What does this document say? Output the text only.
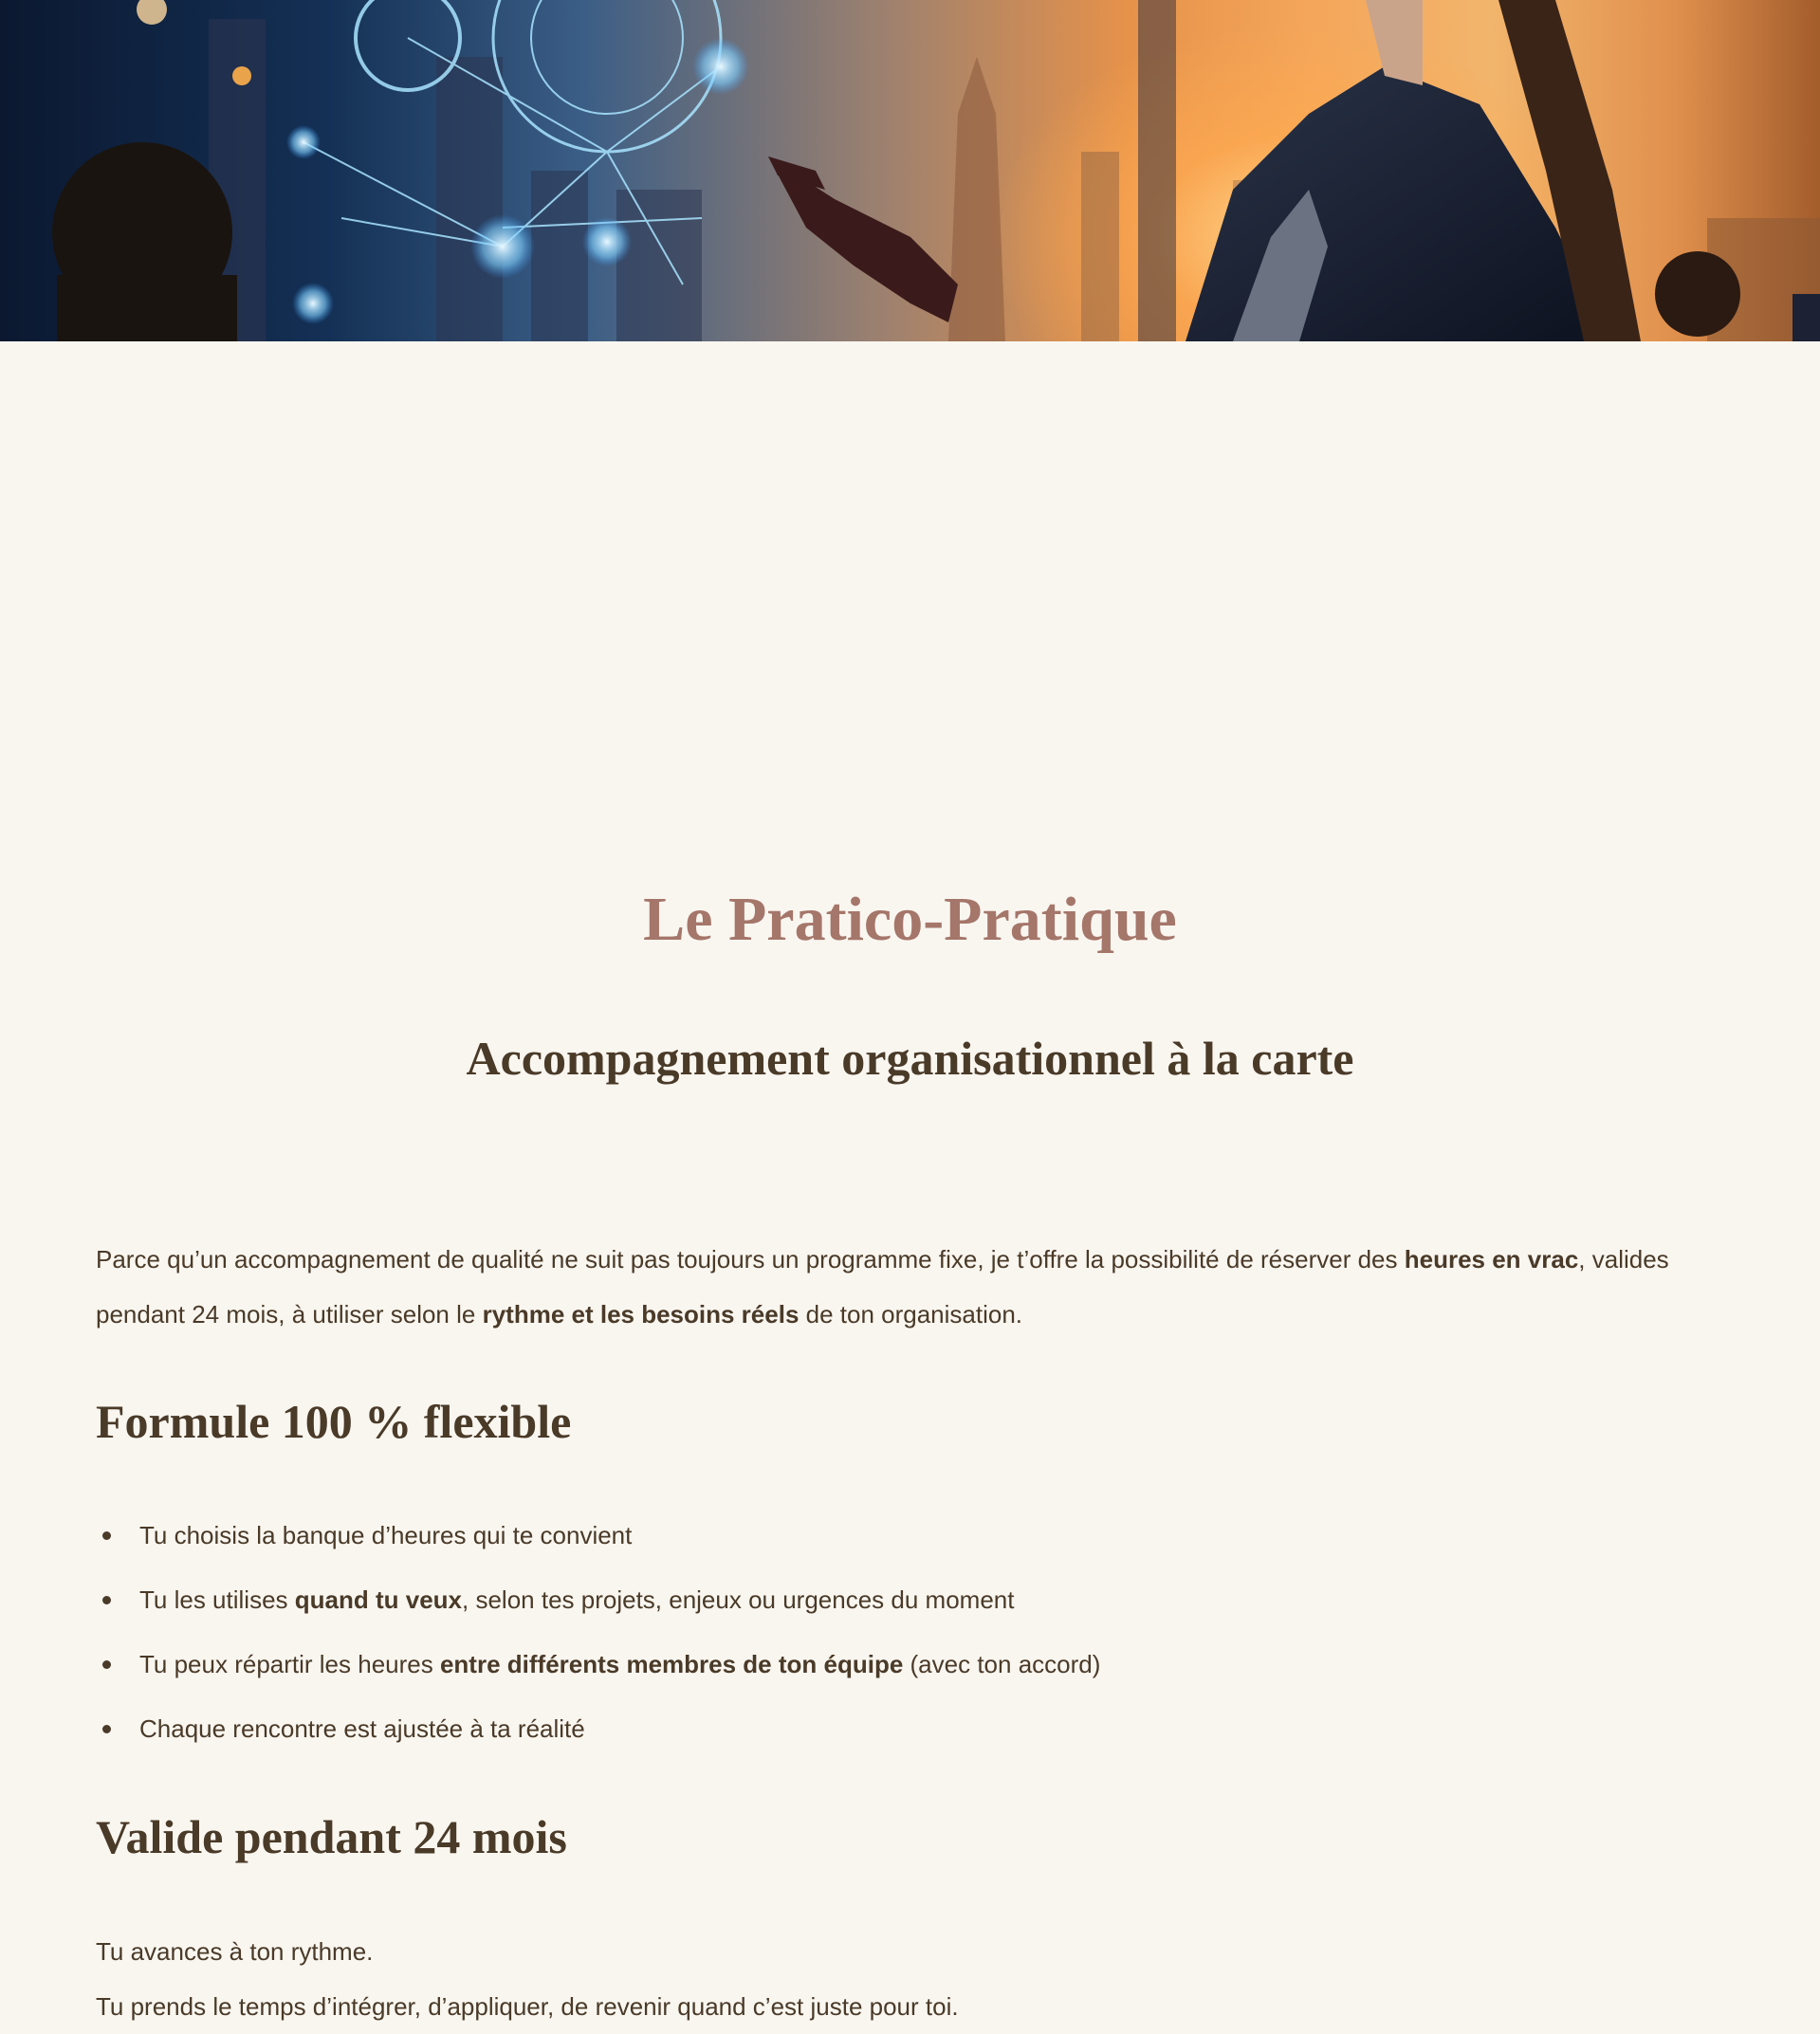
Le Pratico-Pratique
Accompagnement organisationnel à la carte

Parce qu’un accompagnement de qualité ne suit pas toujours un programme fixe, je t’offre la possibilité de réserver des heures en vrac, valides pendant 24 mois, à utiliser selon le rythme et les besoins réels de ton organisation.

Formule 100 % flexible
Tu choisis la banque d’heures qui te convient
Tu les utilises quand tu veux, selon tes projets, enjeux ou urgences du moment
Tu peux répartir les heures entre différents membres de ton équipe (avec ton accord)
Chaque rencontre est ajustée à ta réalité
Valide pendant 24 mois

Tu avances à ton rythme.
Tu prends le temps d’intégrer, d’appliquer, de revenir quand c’est juste pour toi.
